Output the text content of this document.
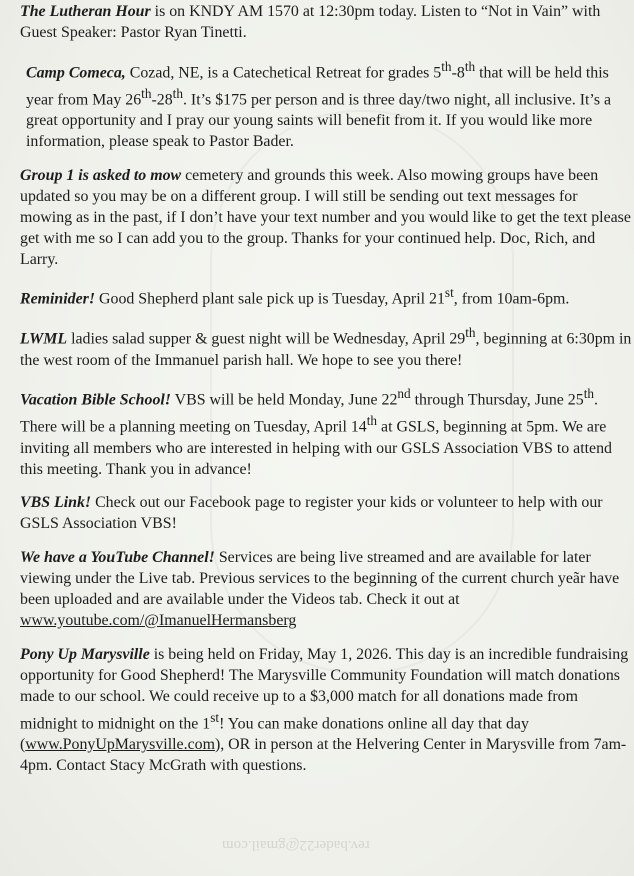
The Lutheran Hour is on KNDY AM 1570 at 12:30pm today. Listen to “Not in Vain” with Guest Speaker: Pastor Ryan Tinetti.

Camp Comeca, Cozad, NE, is a Catechetical Retreat for grades 5th-8th that will be held this year from May 26th-28th. It’s $175 per person and is three day/two night, all inclusive. It’s a great opportunity and I pray our young saints will benefit from it. If you would like more information, please speak to Pastor Bader.

Group 1 is asked to mow cemetery and grounds this week. Also mowing groups have been updated so you may be on a different group. I will still be sending out text messages for mowing as in the past, if I don’t have your text number and you would like to get the text please get with me so I can add you to the group. Thanks for your continued help. Doc, Rich, and Larry.

Reminider! Good Shepherd plant sale pick up is Tuesday, April 21st, from 10am-6pm.

LWML ladies salad supper & guest night will be Wednesday, April 29th, beginning at 6:30pm in the west room of the Immanuel parish hall. We hope to see you there!

Vacation Bible School! VBS will be held Monday, June 22nd through Thursday, June 25th. There will be a planning meeting on Tuesday, April 14th at GSLS, beginning at 5pm. We are inviting all members who are interested in helping with our GSLS Association VBS to attend this meeting. Thank you in advance!

VBS Link! Check out our Facebook page to register your kids or volunteer to help with our GSLS Association VBS!

We have a YouTube Channel! Services are being live streamed and are available for later viewing under the Live tab. Previous services to the beginning of the current church yeãr have been uploaded and are available under the Videos tab. Check it out at www.youtube.com/@ImanuelHermansberg

Pony Up Marysville is being held on Friday, May 1, 2026. This day is an incredible fundraising opportunity for Good Shepherd! The Marysville Community Foundation will match donations made to our school. We could receive up to a $3,000 match for all donations made from midnight to midnight on the 1st! You can make donations online all day that day (www.PonyUpMarysville.com), OR in person at the Helvering Center in Marysville from 7am-4pm. Contact Stacy McGrath with questions.

rev.bader22@gmail.com
